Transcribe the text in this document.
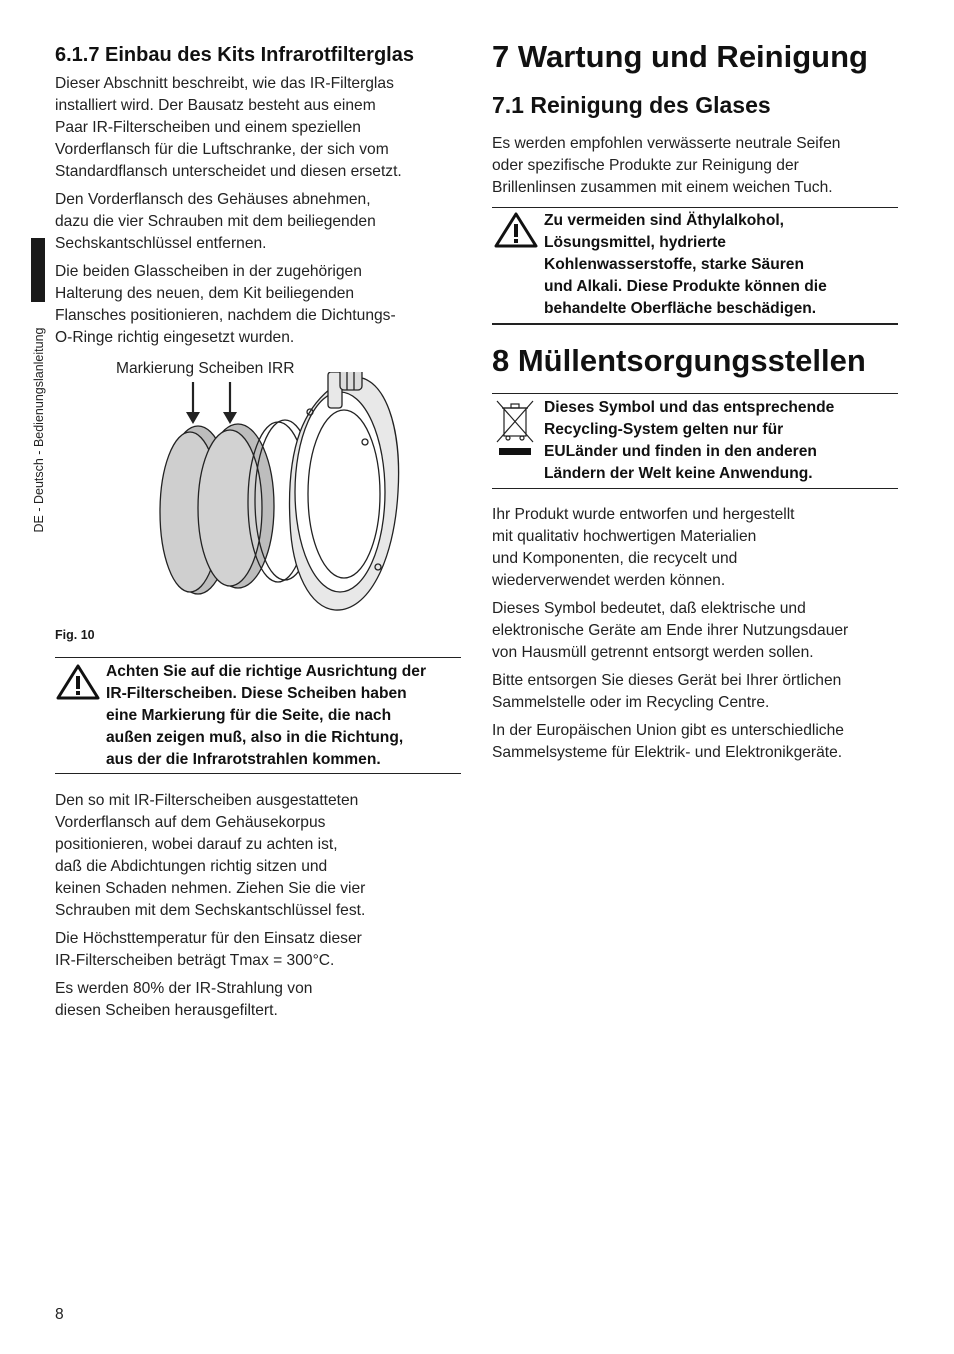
DE - Deutsch - Bedienungslanleitung
6.1.7 Einbau des Kits Infrarotfilterglas
Dieser Abschnitt beschreibt, wie das IR-Filterglas
installiert wird. Der Bausatz besteht aus einem
Paar IR-Filterscheiben und einem speziellen
Vorderflansch für die Luftschranke, der sich vom
Standardflansch unterscheidet und diesen ersetzt.
Den Vorderflansch des Gehäuses abnehmen,
dazu die vier Schrauben mit dem beiliegenden
Sechskantschlüssel entfernen.
Die beiden Glasscheiben in der zugehörigen
Halterung des neuen, dem Kit beiliegenden
Flansches positionieren, nachdem die Dichtungs-
O-Ringe richtig eingesetzt wurden.
Markierung Scheiben IRR
Fig. 10
Achten Sie auf die richtige Ausrichtung der
IR-Filterscheiben. Diese Scheiben haben
eine Markierung für die Seite, die nach
außen zeigen muß, also in die Richtung,
aus der die Infrarotstrahlen kommen.
Den so mit IR-Filterscheiben ausgestatteten
Vorderflansch auf dem Gehäusekorpus
positionieren, wobei darauf zu achten ist,
daß die Abdichtungen richtig sitzen und
keinen Schaden nehmen. Ziehen Sie die vier
Schrauben mit dem Sechskantschlüssel fest.
Die Höchsttemperatur für den Einsatz dieser
IR-Filterscheiben beträgt Tmax = 300°C.
Es werden 80% der IR-Strahlung von
diesen Scheiben herausgefiltert.
7 Wartung und Reinigung
7.1 Reinigung des Glases
Es werden empfohlen verwässerte neutrale Seifen
oder spezifische Produkte zur Reinigung der
Brillenlinsen zusammen mit einem weichen Tuch.
Zu vermeiden sind Äthylalkohol,
Lösungsmittel, hydrierte
Kohlenwasserstoffe, starke Säuren
und Alkali. Diese Produkte können die
behandelte Oberfläche beschädigen.
8 Müllentsorgungsstellen
Dieses Symbol und das entsprechende
Recycling-System gelten nur für
EULänder und finden in den anderen
Ländern der Welt keine Anwendung.
Ihr Produkt wurde entworfen und hergestellt
mit qualitativ hochwertigen Materialien
und Komponenten, die recycelt und
wiederverwendet werden können.
Dieses Symbol bedeutet, daß elektrische und
elektronische Geräte am Ende ihrer Nutzungsdauer
von Hausmüll getrennt entsorgt werden sollen.
Bitte entsorgen Sie dieses Gerät bei Ihrer örtlichen
Sammelstelle oder im Recycling Centre.
In der Europäischen Union gibt es unterschiedliche
Sammelsysteme für Elektrik- und Elektronikgeräte.
8
